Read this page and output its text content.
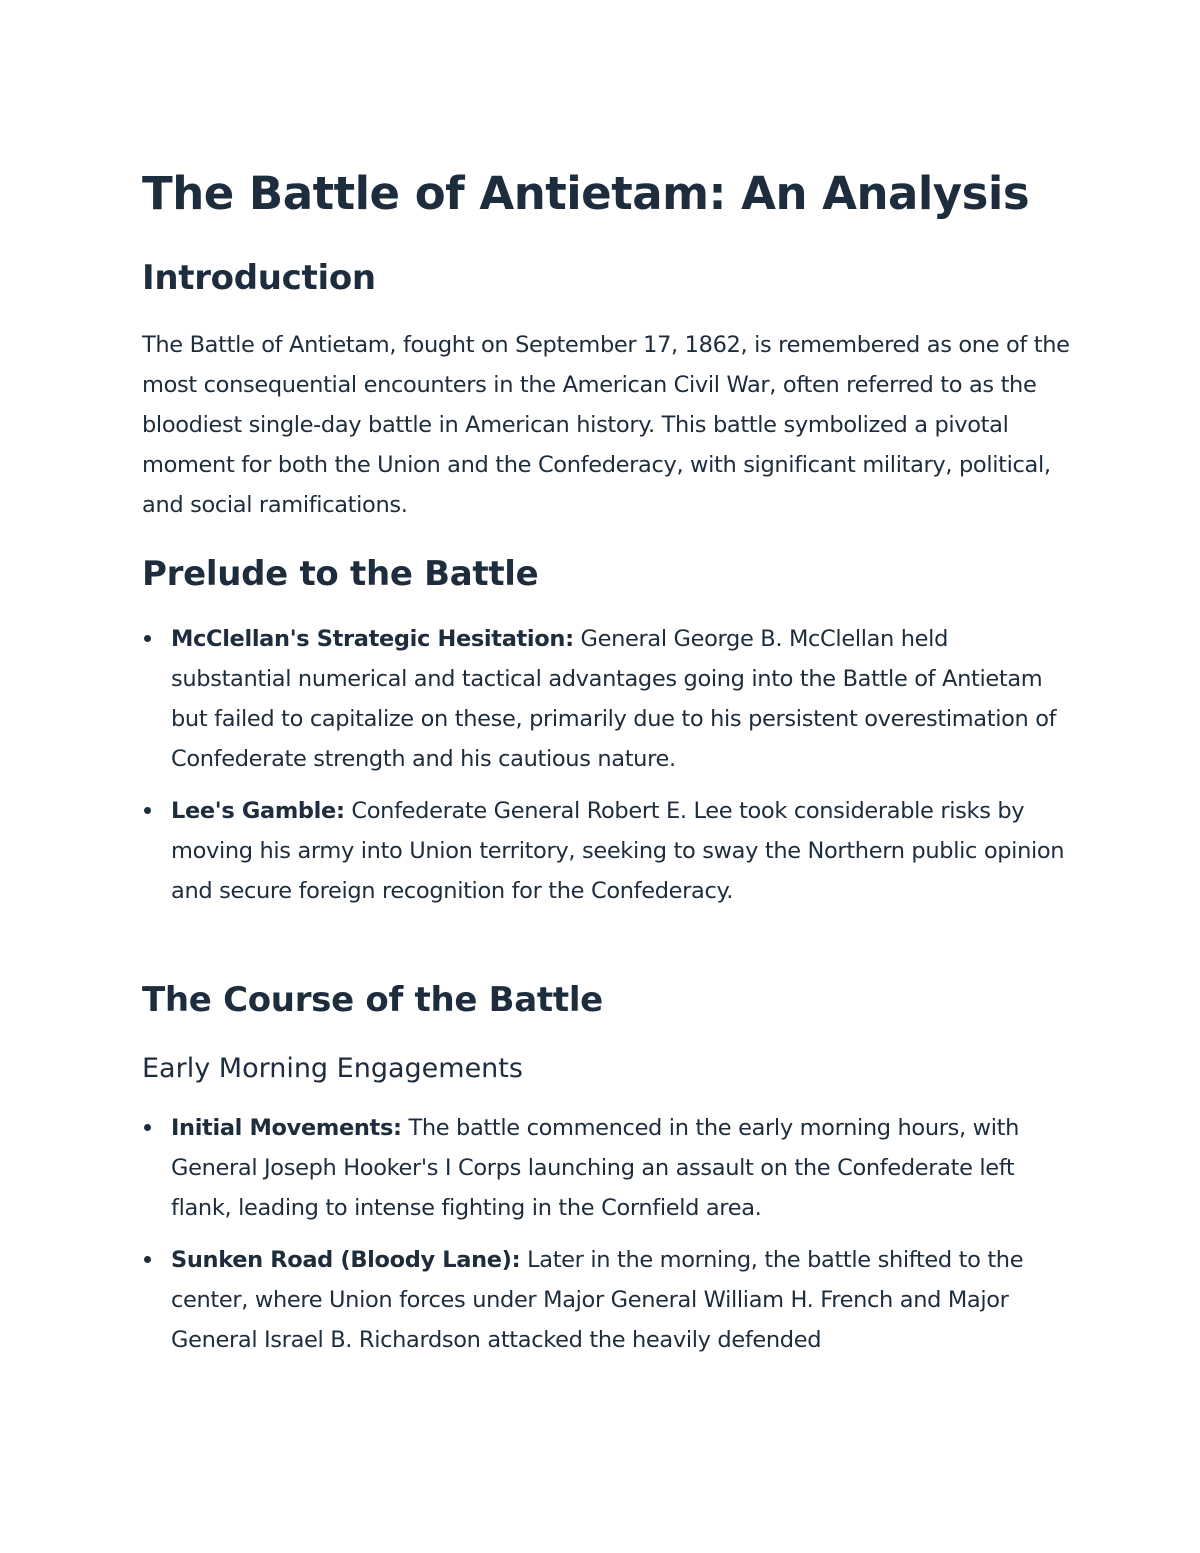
The Battle of Antietam: An Analysis
Introduction

The Battle of Antietam, fought on September 17, 1862, is remembered as one of the most consequential encounters in the American Civil War, often referred to as the bloodiest single-day battle in American history. This battle symbolized a pivotal moment for both the Union and the Confederacy, with significant military, political, and social ramifications.

Prelude to the Battle
McClellan's Strategic Hesitation: General George B. McClellan held substantial numerical and tactical advantages going into the Battle of Antietam but failed to capitalize on these, primarily due to his persistent overestimation of Confederate strength and his cautious nature.
Lee's Gamble: Confederate General Robert E. Lee took considerable risks by moving his army into Union territory, seeking to sway the Northern public opinion and secure foreign recognition for the Confederacy.
The Course of the Battle
Early Morning Engagements
Initial Movements: The battle commenced in the early morning hours, with General Joseph Hooker's I Corps launching an assault on the Confederate left flank, leading to intense fighting in the Cornfield area.
Sunken Road (Bloody Lane): Later in the morning, the battle shifted to the center, where Union forces under Major General William H. French and Major General Israel B. Richardson attacked the heavily defended
